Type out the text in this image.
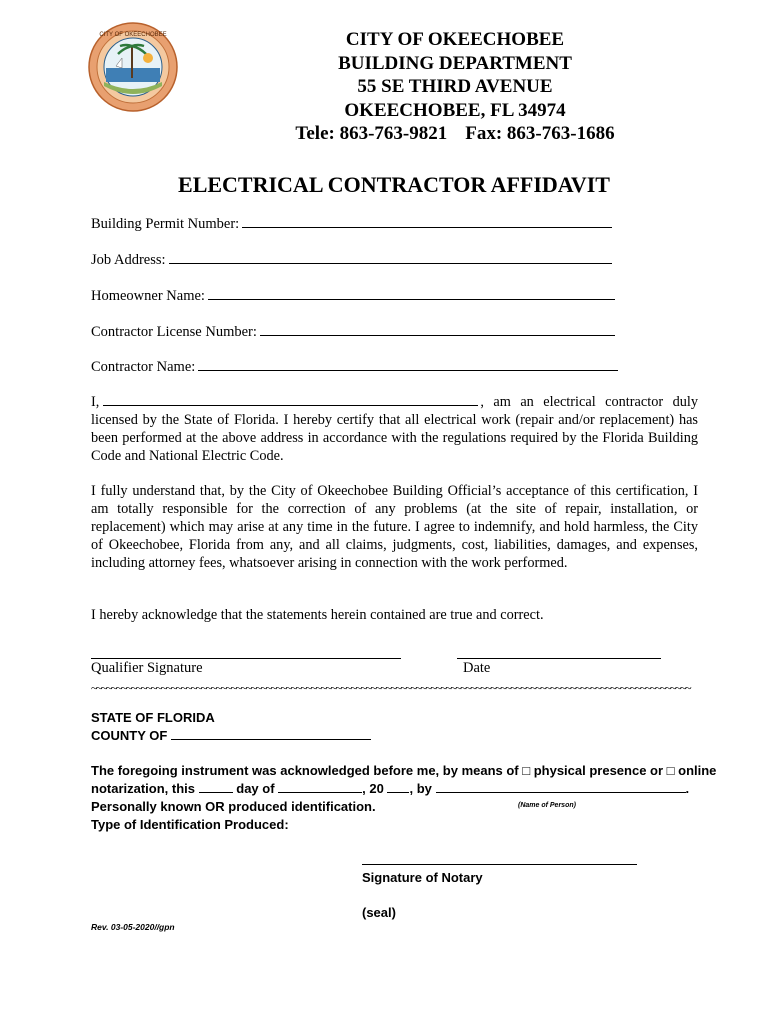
CITY OF OKEECHOBEE	CITY OF OKEECHOBEE
BUILDING DEPARTMENT
55 SE THIRD AVENUE
OKEECHOBEE, FL 34974
Tele: 863-763-9821 Fax: 863-763-1686
ELECTRICAL CONTRACTOR AFFIDAVIT
Building Permit Number:
Job Address:
Homeowner Name:
Contractor License Number:
Contractor Name:
I,	, am an electrical contractor duly licensed by the State of Florida. I hereby certify that all electrical work (repair and/or replacement) has been performed at the above address in accordance with the regulations required by the Florida Building Code and National Electric Code.
I fully understand that, by the City of Okeechobee Building Official’s acceptance of this certification, I am totally responsible for the correction of any problems (at the site of repair, installation, or replacement) which may arise at any time in the future. I agree to indemnify, and hold harmless, the City of Okeechobee, Florida from any, and all claims, judgments, cost, liabilities, damages, and expenses, including attorney fees, whatsoever arising in connection with the work performed.
I hereby acknowledge that the statements herein contained are true and correct.
Qualifier Signature	Date
~~~~~~~~~~~~~~~~~~~~~~~~~~~~~~~~~~~~~~~~~~~~~~~~~~~~~~~~~~~~~~~~~~~~~~~~~~~~~~~~~~~~~~~~~~~~~~~~~~~~~~~~~~~~~~~~~~~~~~~~
STATE OF FLORIDA
COUNTY OF
The foregoing instrument was acknowledged before me, by means of □ physical presence or □ online
notarization, this	day of	, 20 , by	.
Personally known OR produced identification.	(Name of Person)
Type of Identification Produced:
Signature of Notary
(seal)
Rev. 03-05-2020//gpn
